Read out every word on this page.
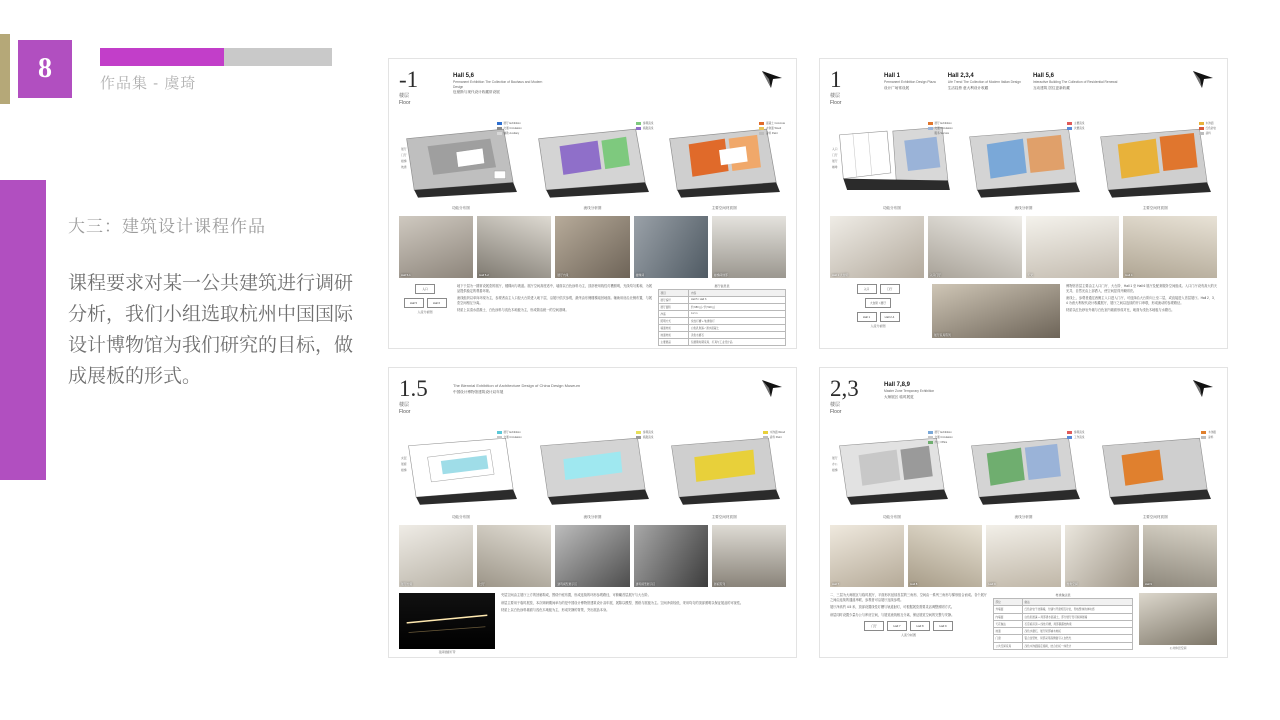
8	作品集 - 虞琦
大三：建筑设计课程作品
课程要求对某一公共建筑进行调研分析，我们小组选取杭州中国国际设计博物馆为我们研究的目标，做成展板的形式。
-1
楼层
Floor
Hall 5,6
Permanent Exhibition The Collection of Bauhaus and Modern Design
包豪斯与现代设计收藏常设展
展厅
门厅
楼梯
坡道
展厅 Exhibition
交通 Circulation
辅助 Auxiliary
功能分布图
参观流线
疏散流线
流线分析图
混凝土 Concrete
木饰面 Wood
涂料 Paint
主要空间材质图
Hall 5-1	Hall 5-2	展厅内景	楼梯间	楼梯间细部
入口
Hall 5	Hall 6
人流分析图

地下于层为一期常设展览的展厅，楼梯间与坡道。展厅空间高度适中，墙面以白色涂料为主，顶部使用线性灯槽照明，光线均匀柔和，为展品提供稳定的观看环境。

流线组织以单向环绕为主，参观者由主入口经大台阶进入地下层，沿展厅依次参观，最终由东侧楼梯返回地面。辅助用房沿北侧布置，与展览空间相互分离。

材质上以清水混凝土、白色涂料与浅色木地板为主，形成简洁统一的空间基调。

展厅信息表
项目	内容
展厅编号	Hall 5 / Hall 6
展厅面积	约 680 ㎡ / 约 520 ㎡
净高	4.2 m
照明方式	线性灯槽 + 轨道射灯
墙面材质	白色乳胶漆 / 清水混凝土
地面材质	浅色水磨石
主要展品	包豪斯时期家具、灯具与工业设计品
1
楼层
Floor
Hall 1
Permanent Exhibition Design Plaza
设计广场常设展
Hall 2,3,4
Life Trend The Collection of Modern Italian Design
生活趋势 意大利设计收藏
Hall 5,6
Interactive Building The Collection of Residential Renewal
互动建筑 居住更新收藏
入口
门厅
展厅
咖啡
展厅 Exhibition
交通 Circulation
服务 Service
功能分布图
主要流线
次要流线
流线分析图
木饰面
红色砂岩
涂料
主要空间材质图
Hall 1 大台阶	入口门厅	天光	Hall 4
入口	门厅
大台阶 / 展厅
Hall 1	Hall 2-4
人流分析图
展厅家具陈列

博物馆首层主要由主入口门厅、大台阶、Hall 1 至 Hall 6 展厅及配套服务空间组成。入口门厅设有高大的天光井，自然光由上部洒入，使空间显得开敞明亮。

流线上，参观者通过西侧主入口进入门厅，可选择沿大台阶向上至二层，或直接进入首层展厅。Hall 2、3、4 为意大利现代设计收藏展厅，展厅之间以连续的开口串联，形成流动的参观路径。

材质以红色砂岩外墙与白色室内墙面形成对比，地面为浅色木地板与水磨石。

1.5
楼层
Floor
The Biennial Exhibition of Architecture Design of China Design Museum
中国设计博物馆建筑设计双年展
夹层
展廊
楼梯
展厅 Exhibition
交通 Circulation
功能分布图
参观流线
疏散流线
流线分析图
木饰面 Wood
涂料 Paint
主要空间材质图
展厅内景	过厅	建筑模型展示区	建筑模型展示区	展板陈列
夜间展廊灯带

夹层空间由主展厅上方的回廊构成，围绕中庭布置，形成连续的环形参观路径，可俯瞰首层展厅与大台阶。

该层主要用于临时展览，本次调研期间举办的是中国设计博物馆建筑设计双年展，展陈以模型、图纸与展板为主。空间净高较低，采用均匀的顶部照明以保证展品的可视性。

材质上以白色涂料墙面与浅色木地板为主，形成安静的背景，突出展品本身。

2,3
楼层
Floor
Hall 7,8,9
Master Zone Temporary Exhibition
大师展区 临时展览
展厅
办公
楼梯
展厅 Exhibition
交通 Circulation
办公 Office
功能分布图
参观流线
工作流线
流线分析图
木饰面
涂料
主要空间材质图
Hall 7	Hall 8	Hall 9	转角空间	Hall 9

二、三层为大师展区与临时展厅，平面形状延续首层的三角形，空间由一系列三角形与梯形组合而成。各个展厅之间由连续的通道串联，参观者可沿展厅连续参观。

展厅净高约 4.5 米，顶部设置线性灯槽与轨道射灯，可根据展览需要灵活调整照明方式。

该层同时设置少量办公与库房空间，与展览流线相互分离，保证展览空间的完整与安静。

门厅	Hall 7	Hall 8	Hall 9
人流分析图
材质做法表
部位	做法
外墙面	红色砂岩干挂幕墙，分缝与开窗相互对位，形成整体的体块感
内墙面	白色乳胶漆 + 局部清水混凝土，部分展厅设可拆卸展墙
天花做法	石膏板吊顶 + 线性灯槽，局部暴露结构梁
地面	浅色水磨石，展厅局部铺木地板
门窗	铝合金型材，局部采用高侧窗引入自然光
公共空间家具	浅色木饰面固定座椅，结合栏板一体设计	公共休息空间
